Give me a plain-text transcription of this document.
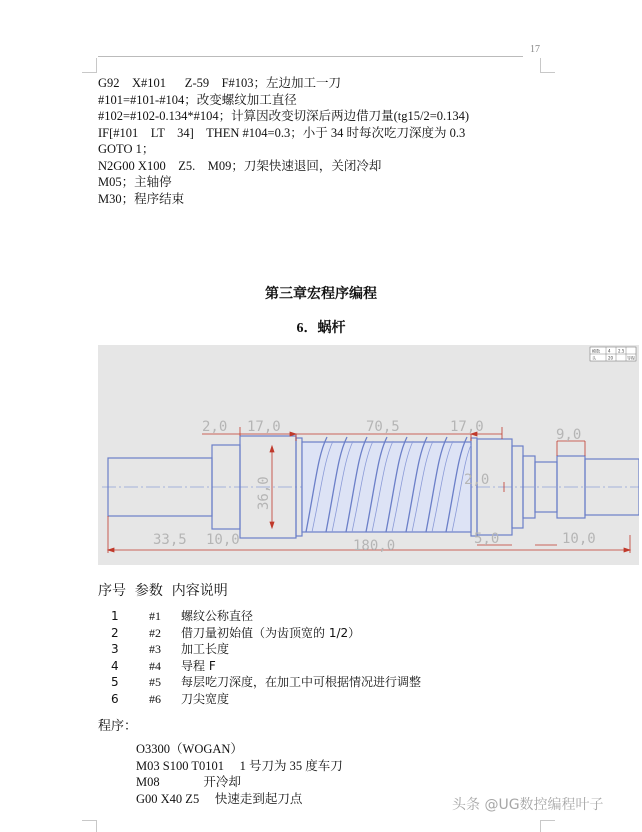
17
G92    X#101      Z-59    F#103；左边加工一刀
#101=#101-#104；改变螺纹加工直径
#102=#102-0.134*#104；计算因改变切深后两边借刀量(tg15/2=0.134)
IF[#101    LT    34]    THEN #104=0.3；小于 34 时每次吃刀深度为 0.3
GOTO 1；
N2G00 X100    Z5.    M09；刀架快速退回，关闭冷却
M05；主轴停
M30；程序结束
第三章宏程序编程
6．蜗杆
模数 4 2.5
头	20	导程
2,0 17,0	70,5	17,0	9,0
36,0	2,0
33,5 10,0	180,0	5,0	10,0
序号  参数  内容说明
1	#1 螺纹公称直径
2	#2 借刀量初始值（为齿顶宽的 1/2）
3	#3 加工长度
4	#4 导程 F
5	#5 每层吃刀深度，在加工中可根据情况进行调整
6	#6 刀尖宽度
程序：
O3300（WOGAN）
M03 S100 T0101     1 号刀为 35 度车刀
M08              开冷却
G00 X40 Z5     快速走到起刀点	头条 @UG数控编程叶子
